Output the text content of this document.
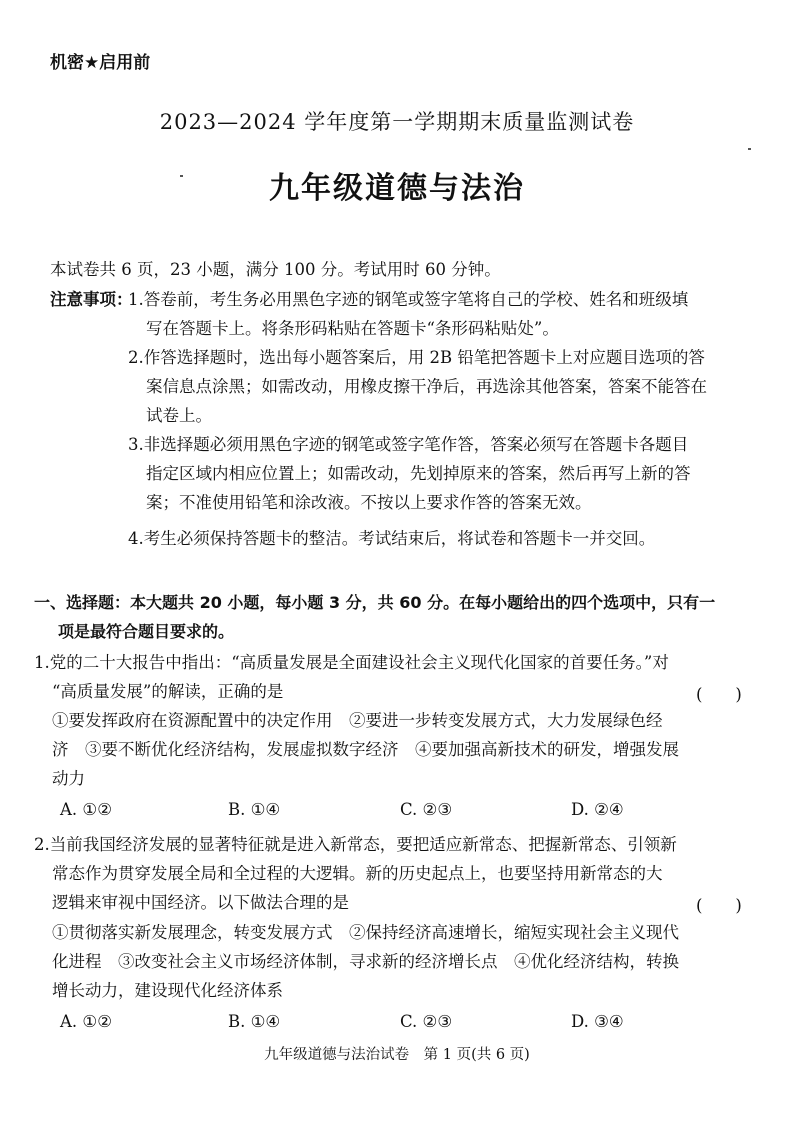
机密★启用前
2023—2024 学年度第一学期期末质量监测试卷
九年级道德与法治
本试卷共 6 页，23 小题，满分 100 分。考试用时 60 分钟。
注意事项：
1.答卷前，考生务必用黑色字迹的钢笔或签字笔将自己的学校、姓名和班级填
写在答题卡上。将条形码粘贴在答题卡“条形码粘贴处”。
2.作答选择题时，选出每小题答案后，用 2B 铅笔把答题卡上对应题目选项的答
案信息点涂黑；如需改动，用橡皮擦干净后，再选涂其他答案，答案不能答在
试卷上。
3.非选择题必须用黑色字迹的钢笔或签字笔作答，答案必须写在答题卡各题目
指定区域内相应位置上；如需改动，先划掉原来的答案，然后再写上新的答
案；不准使用铅笔和涂改液。不按以上要求作答的答案无效。
4.考生必须保持答题卡的整洁。考试结束后，将试卷和答题卡一并交回。
一、选择题：本大题共 20 小题，每小题 3 分，共 60 分。在每小题给出的四个选项中，只有一
项是最符合题目要求的。
1.党的二十大报告中指出：“高质量发展是全面建设社会主义现代化国家的首要任务。”对
“高质量发展”的解读，正确的是	(　　)
①要发挥政府在资源配置中的决定作用　②要进一步转变发展方式，大力发展绿色经
济　③要不断优化经济结构，发展虚拟数字经济　④要加强高新技术的研发，增强发展
动力
A. ①②	B. ①④	C. ②③	D. ②④
2.当前我国经济发展的显著特征就是进入新常态，要把适应新常态、把握新常态、引领新
常态作为贯穿发展全局和全过程的大逻辑。新的历史起点上，也要坚持用新常态的大
逻辑来审视中国经济。以下做法合理的是	(　　)
①贯彻落实新发展理念，转变发展方式　②保持经济高速增长，缩短实现社会主义现代
化进程　③改变社会主义市场经济体制，寻求新的经济增长点　④优化经济结构，转换
增长动力，建设现代化经济体系
A. ①②	B. ①④	C. ②③	D. ③④
九年级道德与法治试卷　第 1 页(共 6 页)
